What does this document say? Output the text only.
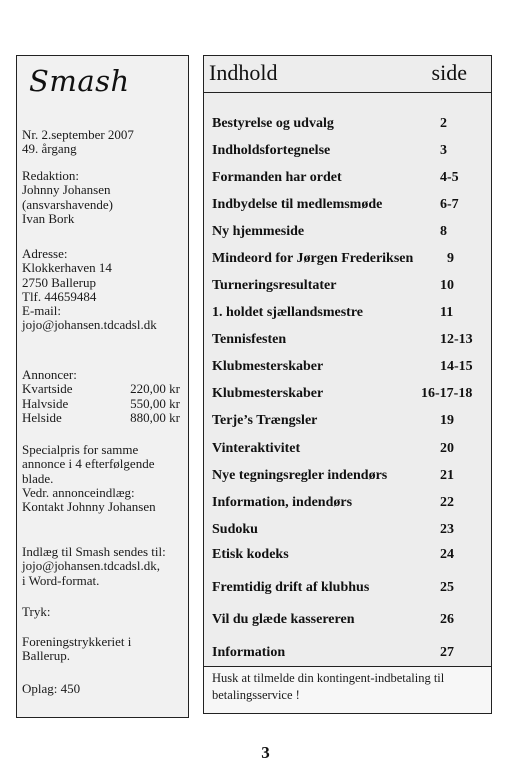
Smash
Nr. 2.september 2007
49. årgang
Redaktion:
Johnny Johansen
(ansvarshavende)
Ivan Bork
Adresse:
Klokkerhaven 14
2750 Ballerup
Tlf. 44659484
E-mail:
jojo@johansen.tdcadsl.dk
Annoncer:
Kvartside	220,00 kr
Halvside	550,00 kr
Helside	880,00 kr
Specialpris for samme
annonce i 4 efterfølgende
blade.
Vedr. annonceindlæg:
Kontakt Johnny Johansen
Indlæg til Smash sendes til:
jojo@johansen.tdcadsl.dk,
i Word-format.
Tryk:
Foreningstrykkeriet i
Ballerup.
Oplag: 450
Indhold	side
Bestyrelse og udvalg	2
Indholdsfortegnelse	3
Formanden har ordet	4-5
Indbydelse til medlemsmøde	6-7
Ny hjemmeside	8
Mindeord for Jørgen Frederiksen 9
Turneringsresultater	10
1. holdet sjællandsmestre	11
Tennisfesten	12-13
Klubmesterskaber	14-15
Klubmesterskaber	16-17-18
Terje’s Trængsler	19
Vinteraktivitet	20
Nye tegningsregler indendørs	21
Information, indendørs	22
Sudoku	23
Etisk kodeks	24
Fremtidig drift af klubhus	25
Vil du glæde kassereren	26
Information	27
Husk at tilmelde din kontingent-indbetaling til betalingsservice !
3
